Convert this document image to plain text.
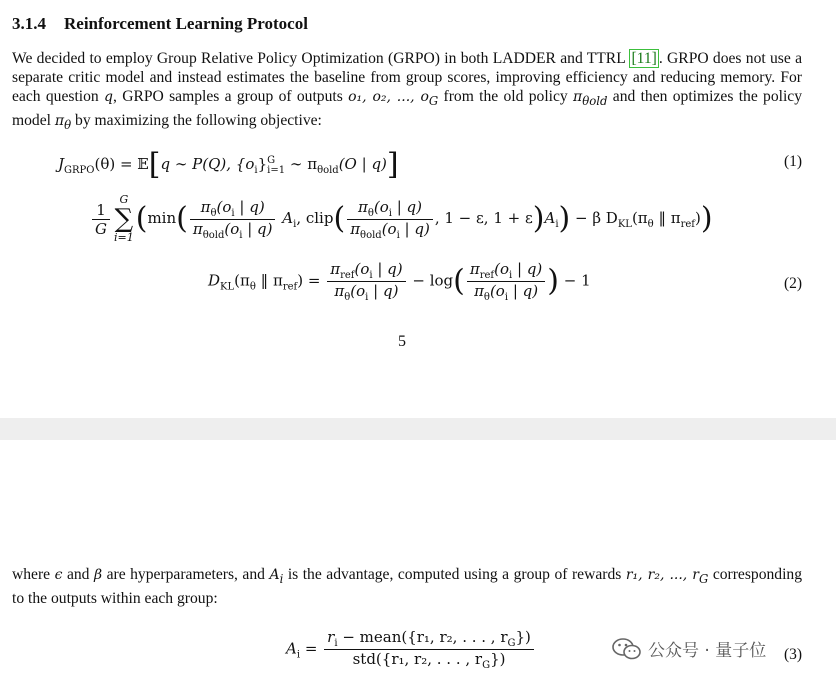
3.1.4 Reinforcement Learning Protocol
We decided to employ Group Relative Policy Optimization (GRPO) in both LADDER and TTRL [11] . GRPO does not use a separate critic model and instead estimates the baseline from group scores, improving efficiency and reducing memory. For each question q, GRPO samples a group of outputs o₁, o₂, ..., $o_G$ from the old policy $\pi_{\theta old}$ and then optimizes the policy model $\pi_\theta$ by maximizing the following objective:
$J_{GRPO}(\theta)$ = 𝔼[q ∼ P(Q), $\{o_i\}^G_{i=1}$ ∼ $\pi_{\theta old}(O$ | q)]	(1)
$\frac{1}{G}$
G
∑
$i=1(\min( \frac{\pi_\theta(o_i | q)}{\pi_{\theta old}(o_i | q)} A_i$, clip( $\frac{\pi_\theta(o_i | q)}{\pi_{\theta old}(o_i | q)}$ , 1 − ε, $1 + \varepsilon)A_i) - \beta$ $D_{KL}(\pi_\theta$ ‖ $\pi_{ref}$))
$D_{KL}(\pi_\theta$ ‖ $\pi_{ref}) = \frac{\pi_{ref}(o_i | q)}{\pi_\theta(o_i | q)} - \log( \frac{\pi_{ref}(o_i | q)}{\pi_\theta(o_i | q)}$ ) − 1	(2)
5
where ϵ and β are hyperparameters, and $A_i$ is the advantage, computed using a group of rewards r₁, r₂, ..., $r_G$ corresponding to the outputs within each group:
$A_i = \frac{r_i - mean(\{r_1, r_2, . . . , r_G\})}{std(\{r_1, r_2, . . . , r_G\})}$	(3)
公众号 · 量子位
